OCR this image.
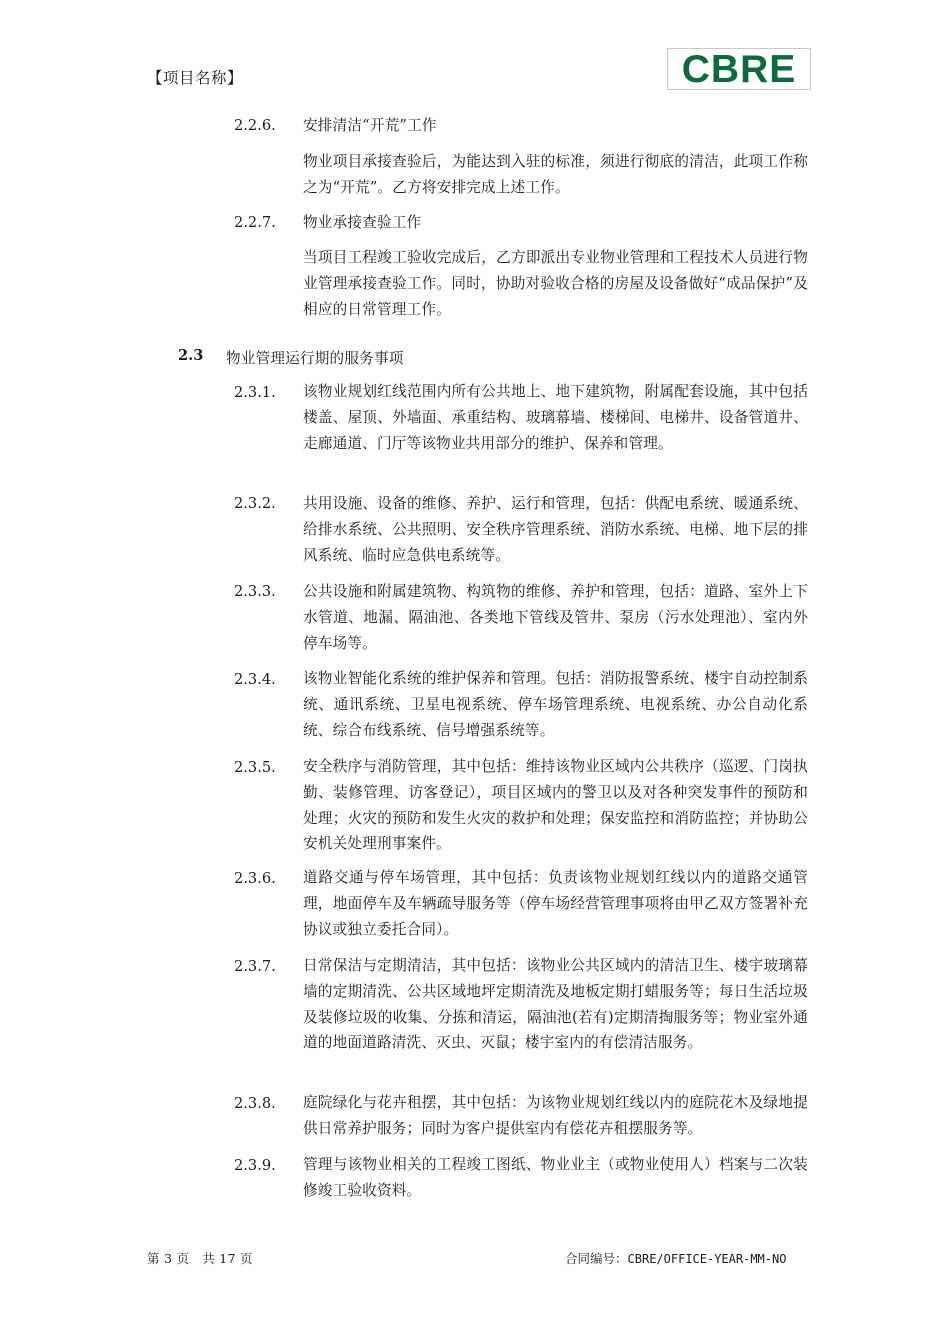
【项目名称】	CBRE
2.2.6.	安排清洁“开荒”工作
物业项目承接查验后，为能达到入驻的标准，须进行彻底的清洁，此项工作称之为“开荒”。乙方将安排完成上述工作。
2.2.7.	物业承接查验工作
当项目工程竣工验收完成后，乙方即派出专业物业管理和工程技术人员进行物业管理承接查验工作。同时，协助对验收合格的房屋及设备做好“成品保护”及相应的日常管理工作。
2.3 物业管理运行期的服务事项
2.3.1.	该物业规划红线范围内所有公共地上、地下建筑物，附属配套设施，其中包括楼盖、屋顶、外墙面、承重结构、玻璃幕墙、楼梯间、电梯井、设备管道井、走廊通道、门厅等该物业共用部分的维护、保养和管理。
2.3.2.	共用设施、设备的维修、养护、运行和管理，包括：供配电系统、暖通系统、给排水系统、公共照明、安全秩序管理系统、消防水系统、电梯、地下层的排风系统、临时应急供电系统等。
2.3.3.	公共设施和附属建筑物、构筑物的维修、养护和管理，包括：道路、室外上下水管道、地漏、隔油池、各类地下管线及管井、泵房（污水处理池）、室内外停车场等。
2.3.4.	该物业智能化系统的维护保养和管理。包括：消防报警系统、楼宇自动控制系统、通讯系统、卫星电视系统、停车场管理系统、电视系统、办公自动化系统、综合布线系统、信号增强系统等。
2.3.5.	安全秩序与消防管理，其中包括：维持该物业区域内公共秩序（巡逻、门岗执勤、装修管理、访客登记），项目区域内的警卫以及对各种突发事件的预防和处理；火灾的预防和发生火灾的救护和处理；保安监控和消防监控；并协助公安机关处理刑事案件。
2.3.6.	道路交通与停车场管理，其中包括：负责该物业规划红线以内的道路交通管理，地面停车及车辆疏导服务等（停车场经营管理事项将由甲乙双方签署补充协议或独立委托合同）。
2.3.7.	日常保洁与定期清洁，其中包括：该物业公共区域内的清洁卫生、楼宇玻璃幕墙的定期清洗、公共区域地坪定期清洗及地板定期打蜡服务等；每日生活垃圾及装修垃圾的收集、分拣和清运，隔油池(若有)定期清掏服务等；物业室外通道的地面道路清洗、灭虫、灭鼠；楼宇室内的有偿清洁服务。
2.3.8.	庭院绿化与花卉租摆，其中包括：为该物业规划红线以内的庭院花木及绿地提供日常养护服务；同时为客户提供室内有偿花卉租摆服务等。
2.3.9.	管理与该物业相关的工程竣工图纸、物业业主（或物业使用人）档案与二次装修竣工验收资料。
第 3 页   共 17 页	合同编号：CBRE/OFFICE-YEAR-MM-NO
